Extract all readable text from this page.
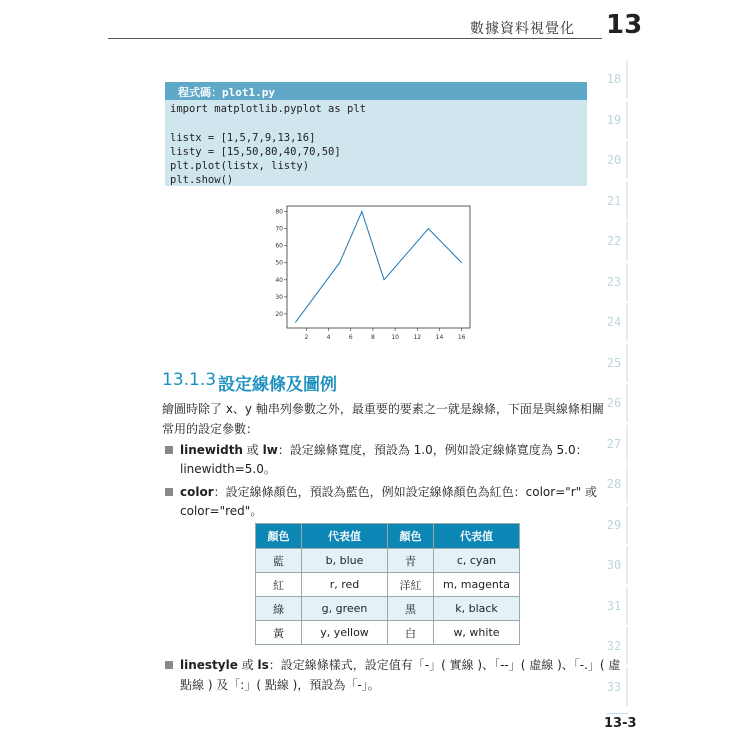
數據資料視覺化 13
18
19
20
21
22
23
24
25
26
27
28
29
30
31
32
33
程式碼：plot1.py
import matplotlib.pyplot as plt
listx = [1,5,7,9,13,16]
listy = [15,50,80,40,70,50]
plt.plot(listx, listy)
plt.show()
2	4	6	8	10 12 14 16
20
30
40
50
60
70
80
13.1.3 設定線條及圖例
繪圖時除了 x、y 軸串列參數之外，最重要的要素之一就是線條，下面是與線條相關
常用的設定參數：
linewidth 或 lw：設定線條寬度，預設為 1.0，例如設定線條寬度為 5.0：
linewidth=5.0。
color：設定線條顏色，預設為藍色，例如設定線條顏色為紅色：color="r" 或
color="red"。
顏色	代表值	顏色	代表值
藍	b, blue	青	c, cyan
紅	r, red	洋紅	m, magenta
綠	g, green	黑	k, black
黃	y, yellow	白	w, white
linestyle 或 ls：設定線條樣式，設定值有「-」( 實線 )、「--」( 虛線 )、「-.」( 虛
點線 ) 及「:」( 點線 )，預設為「-」。
13-3
